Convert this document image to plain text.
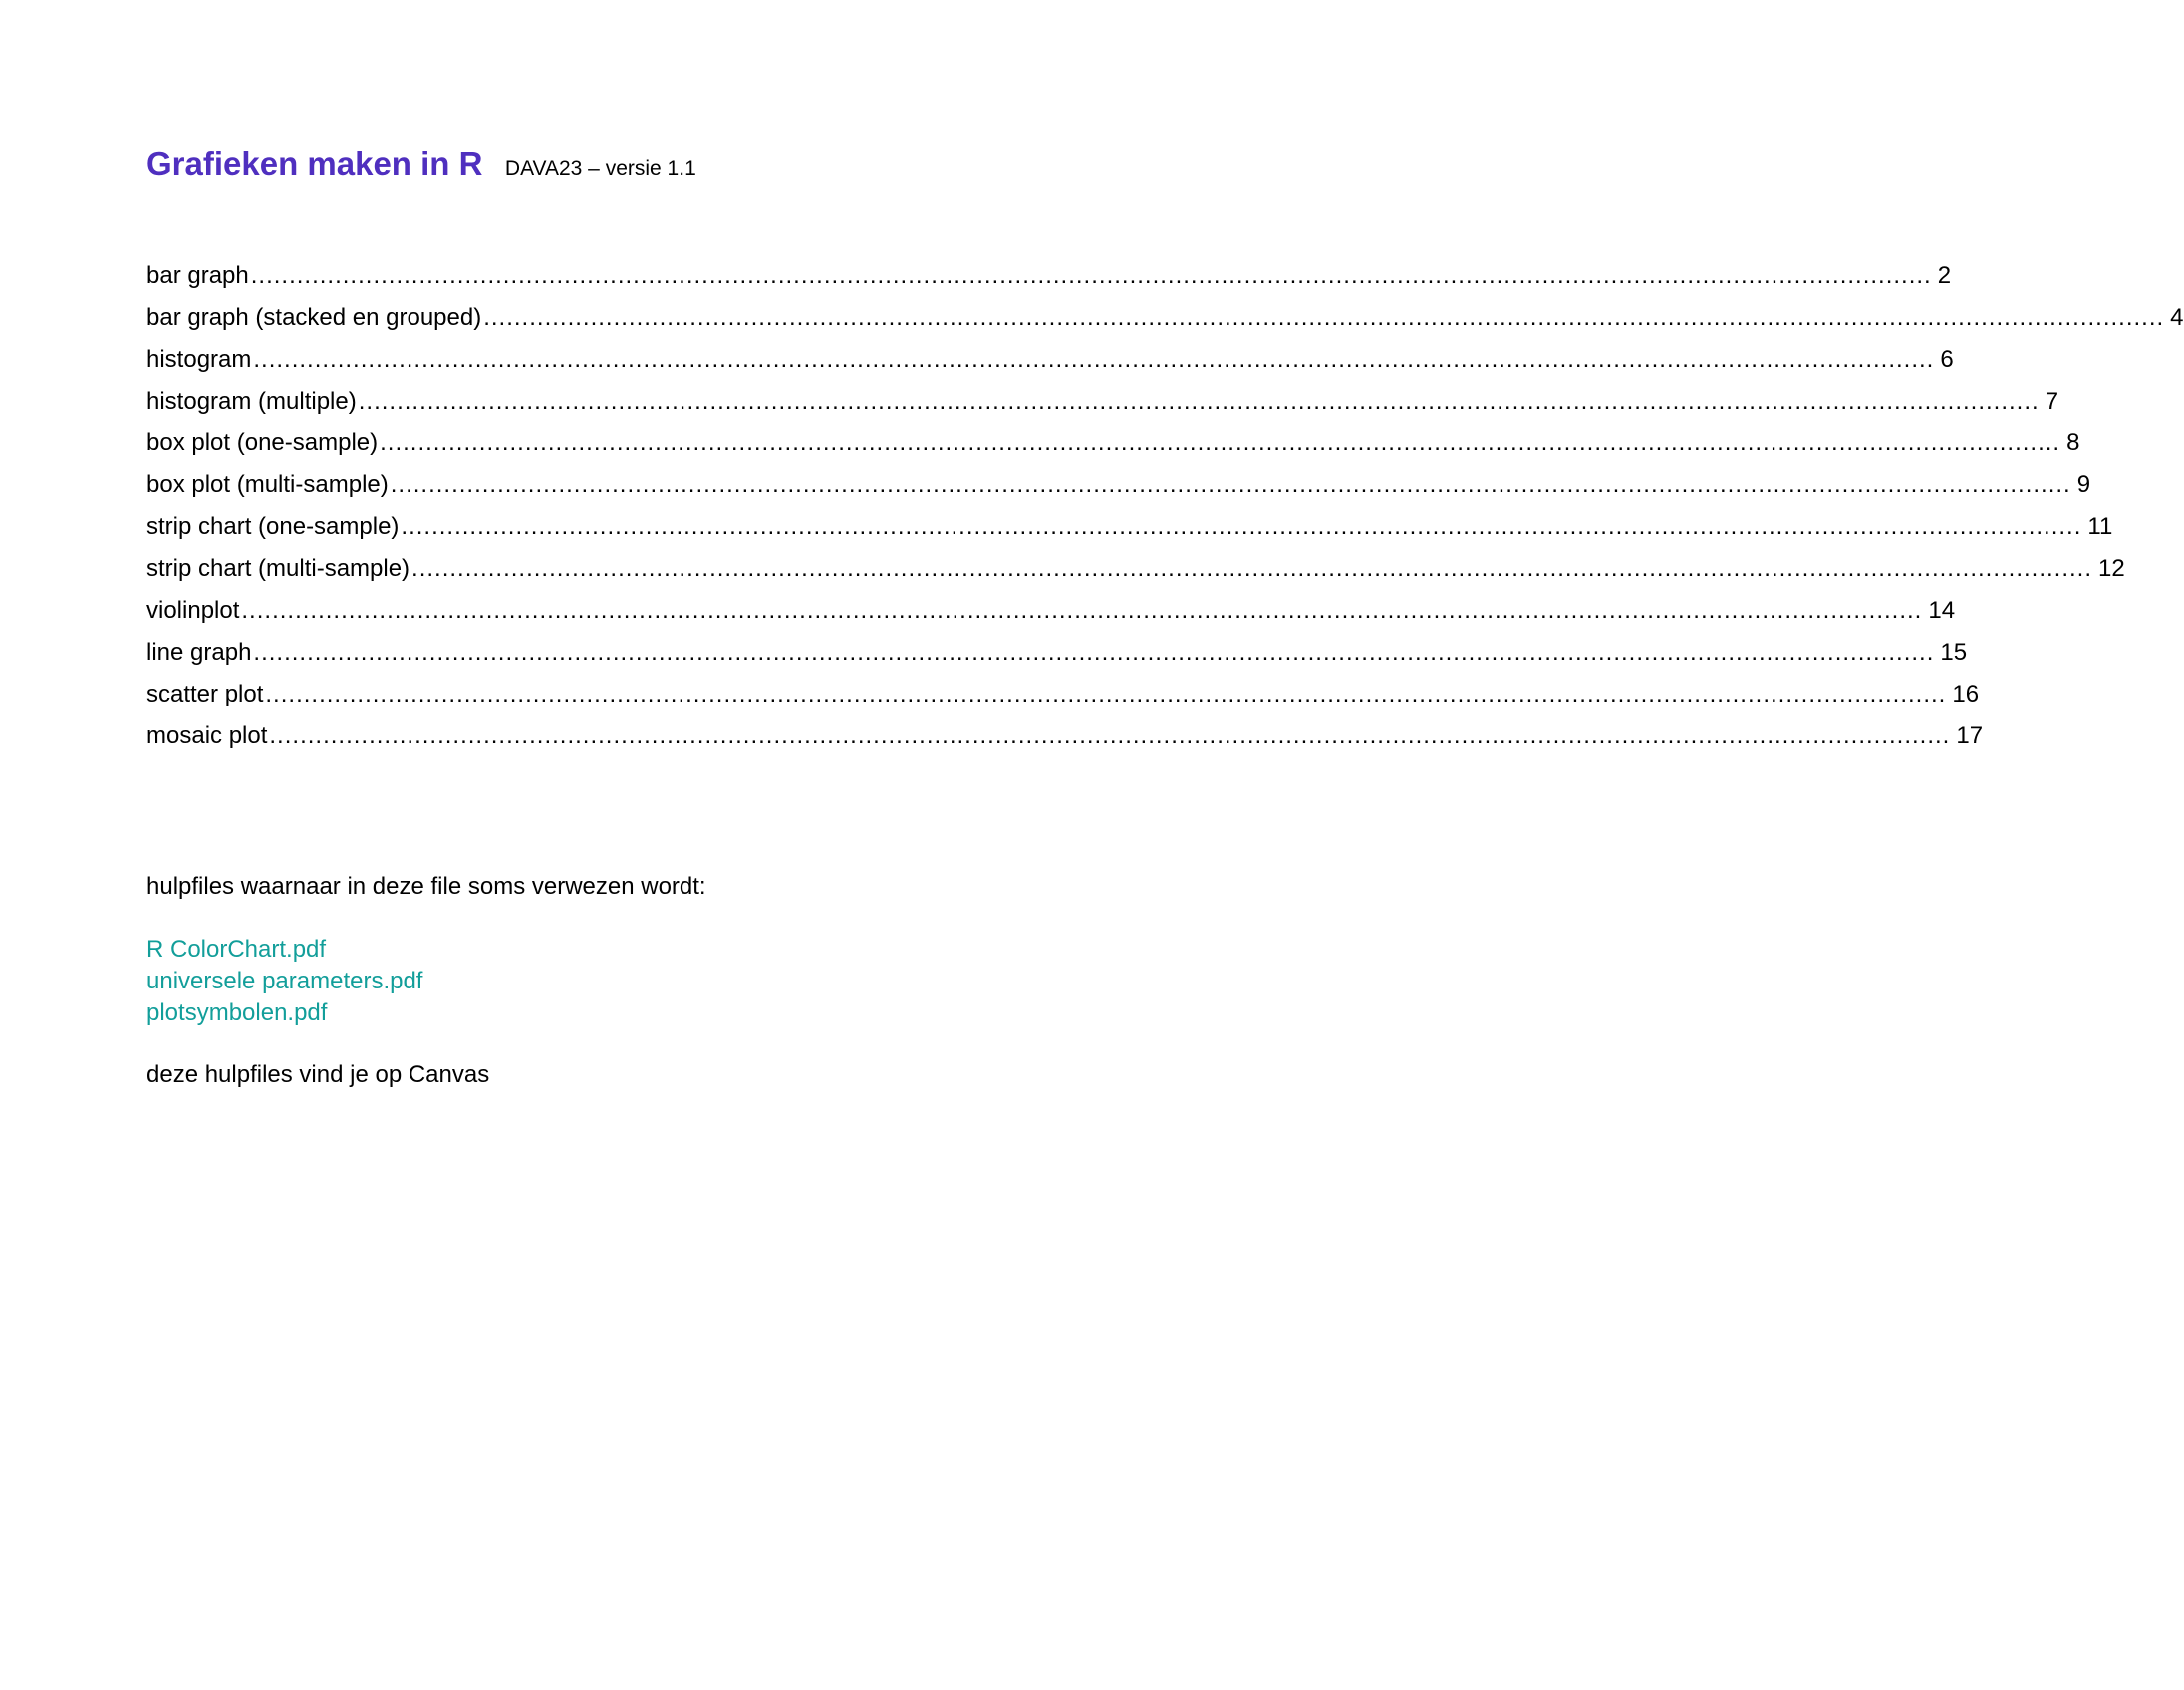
Grafieken maken in R DAVA23 – versie 1.1
bar graph ............................................................................................................................................................................................................................ 2
bar graph (stacked en grouped) ............................................................................................................................................................................................................................ 4
histogram ............................................................................................................................................................................................................................ 6
histogram (multiple) ............................................................................................................................................................................................................................ 7
box plot (one-sample) ............................................................................................................................................................................................................................ 8
box plot (multi-sample) ............................................................................................................................................................................................................................ 9
strip chart (one-sample) ............................................................................................................................................................................................................................ 11
strip chart (multi-sample) ............................................................................................................................................................................................................................ 12
violinplot ............................................................................................................................................................................................................................ 14
line graph ............................................................................................................................................................................................................................ 15
scatter plot ............................................................................................................................................................................................................................ 16
mosaic plot ............................................................................................................................................................................................................................ 17

hulpfiles waarnaar in deze file soms verwezen wordt:

R ColorChart.pdf
universele parameters.pdf
plotsymbolen.pdf

deze hulpfiles vind je op Canvas
